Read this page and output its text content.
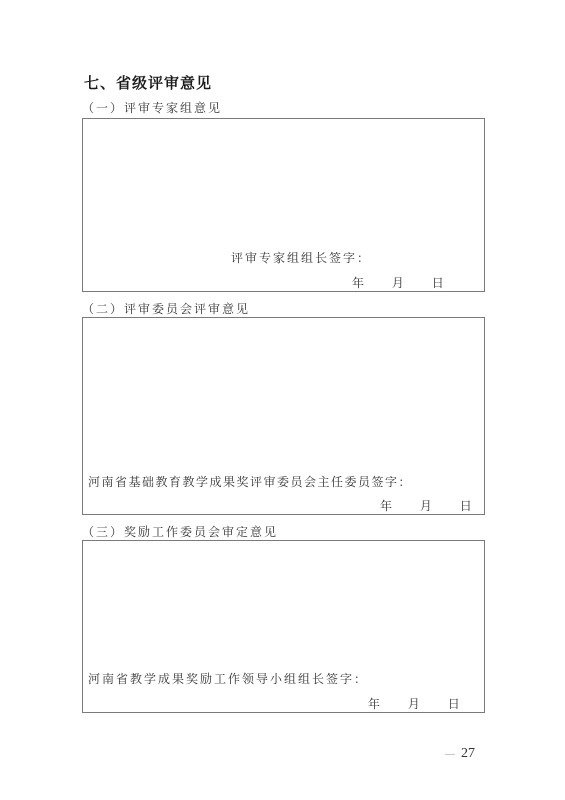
七、省级评审意见
（一）评审专家组意见
评审专家组组长签字：
年 月 日
（二）评审委员会评审意见
河南省基础教育教学成果奖评审委员会主任委员签字：
年 月 日
（三）奖励工作委员会审定意见
河南省教学成果奖励工作领导小组组长签字：
年 月 日
— 27
